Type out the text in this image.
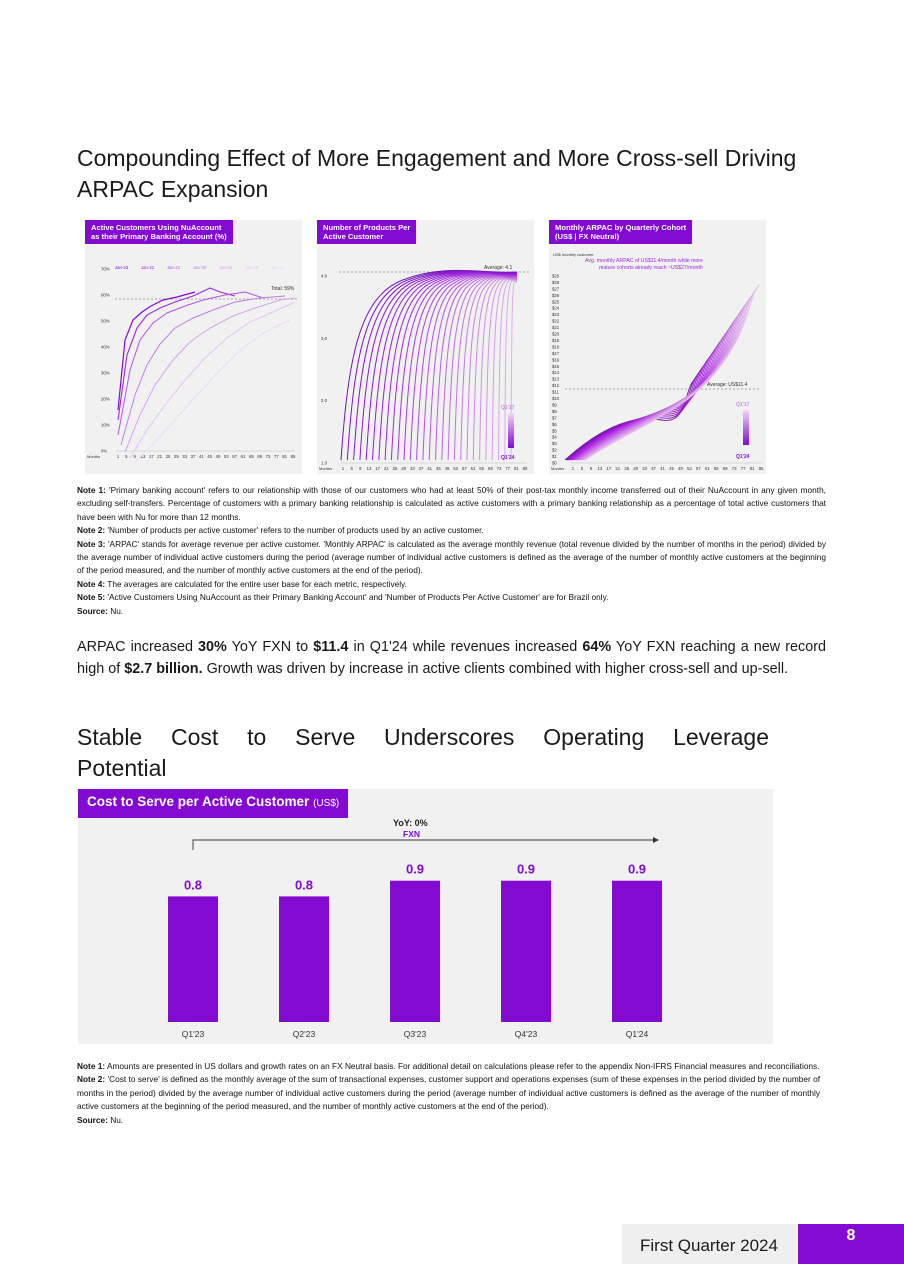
Compounding Effect of More Engagement and More Cross-sell Driving ARPAC Expansion
Active Customers Using NuAccount
as their Primary Banking Account (%)
70%
60%
50%
40%
30%
20%
10%
0%
1 5 9 13 17 21 25 29 33 37 41 45 49 53 57 61 65 69 73 77 81 85
Months
Total: 59%
Jan-23	Jan-22	Jan-21	Jan-20	Jan-19	Jan-18	Jan-17
Number of Products Per
Active Customer
4.0
3.0
2.0
1.0
1 5 9 13 17 21 25 29 33 37 41 45 49 53 57 61 65 69 73 77 81 85
Months
Average: 4.1
Q1'17
Q1'24
Monthly ARPAC by Quarterly Cohort
(US$ | FX Neutral)
US$ monthly customer
$29
$28
$27
$26
$25
$24
$23
$22
$21
$20
$19
$18
$17
$16
$15
$14
$13
$12
$11
$10
$9
$8
$7
$6
$5
$4
$3
$2
$1
$0
1 5 9 13 17 21 25 29 33 37 41 45 49 53 57 61 65 69 73 77 81 85
Months
Avg. monthly ARPAC of US$11.4/month while more
mature cohorts already reach ~US$27/month
Average: US$11.4
Q1'17
Q1'24
Note 1: 'Primary banking account' refers to our relationship with those of our customers who had at least 50% of their post-tax monthly income transferred out of their NuAccount in any given month, excluding self-transfers. Percentage of customers with a primary banking relationship is calculated as active customers with a primary banking relationship as a percentage of total active customers that have been with Nu for more than 12 months.
Note 2: 'Number of products per active customer' refers to the number of products used by an active customer.
Note 3: 'ARPAC' stands for average revenue per active customer. 'Monthly ARPAC' is calculated as the average monthly revenue (total revenue divided by the number of months in the period) divided by the average number of individual active customers during the period (average number of individual active customers is defined as the average of the number of monthly active customers at the beginning of the period measured, and the number of monthly active customers at the end of the period).
Note 4: The averages are calculated for the entire user base for each metric, respectively.
Note 5: 'Active Customers Using NuAccount as their Primary Banking Account' and 'Number of Products Per Active Customer' are for Brazil only.
Source: Nu.
ARPAC increased 30% YoY FXN to $11.4 in Q1'24 while revenues increased 64% YoY FXN reaching a new record high of $2.7 billion. Growth was driven by increase in active clients combined with higher cross-sell and up-sell.
Stable Cost to Serve Underscores Operating Leverage
Potential
Cost to Serve per Active Customer (US$)
YoY: 0%
FXN
0.8
Q1'23
0.8
Q2'23
0.9
Q3'23
0.9
Q4'23
0.9
Q1'24
Note 1: Amounts are presented in US dollars and growth rates on an FX Neutral basis. For additional detail on calculations please refer to the appendix Non-IFRS Financial measures and reconciliations.
Note 2: 'Cost to serve' is defined as the monthly average of the sum of transactional expenses, customer support and operations expenses (sum of these expenses in the period divided by the number of months in the period) divided by the average number of individual active customers during the period (average number of individual active customers is defined as the average of the number of monthly active customers at the beginning of the period measured, and the number of monthly active customers at the end of the period).
Source: Nu.
First Quarter 2024
8
